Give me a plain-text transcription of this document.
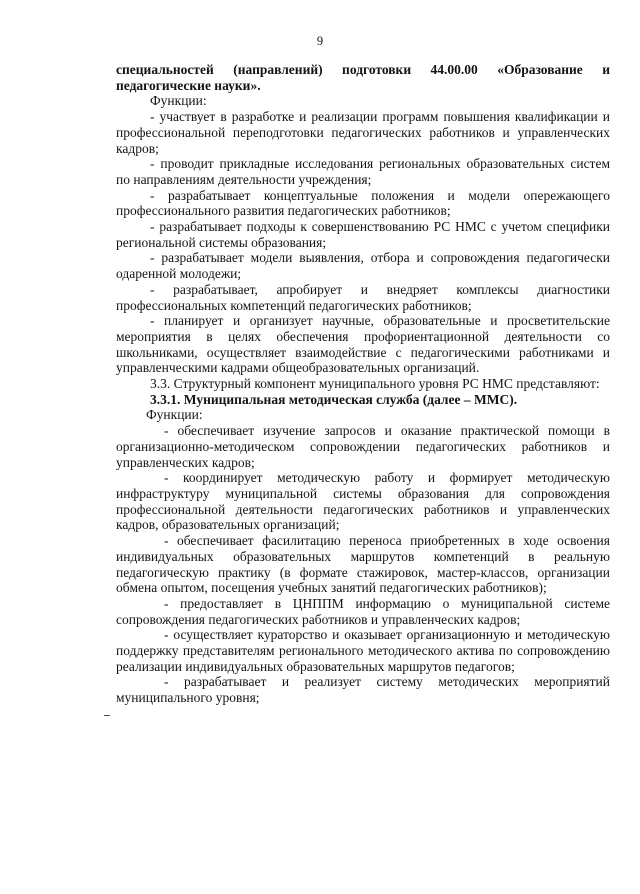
9

специальностей (направлений) подготовки 44.00.00 «Образование и педагогические науки».

Функции:

- участвует в разработке и реализации программ повышения квалификации и профессиональной переподготовки педагогических работников и управленческих кадров;

- проводит прикладные исследования региональных образовательных систем по направлениям деятельности учреждения;

- разрабатывает концептуальные положения и модели опережающего профессионального развития педагогических работников;

- разрабатывает подходы к совершенствованию РС НМС с учетом специфики региональной системы образования;

- разрабатывает модели выявления, отбора и сопровождения педагогически одаренной молодежи;

- разрабатывает, апробирует и внедряет комплексы диагностики профессиональных компетенций педагогических работников;

- планирует и организует научные, образовательные и просветительские мероприятия в целях обеспечения профориентационной деятельности со школьниками, осуществляет взаимодействие с педагогическими работниками и управленческими кадрами общеобразовательных организаций.

3.3. Структурный компонент муниципального уровня РС НМС представляют:

3.3.1. Муниципальная методическая служба (далее – ММС).

Функции:

- обеспечивает изучение запросов и оказание практической помощи в организационно-методическом сопровождении педагогических работников и управленческих кадров;

- координирует методическую работу и формирует методическую инфраструктуру муниципальной системы образования для сопровождения профессиональной деятельности педагогических работников и управленческих кадров, образовательных организаций;

- обеспечивает фасилитацию переноса приобретенных в ходе освоения индивидуальных образовательных маршрутов компетенций в реальную педагогическую практику (в формате стажировок, мастер-классов, организации обмена опытом, посещения учебных занятий педагогических работников);

- предоставляет в ЦНППМ информацию о муниципальной системе сопровождения педагогических работников и управленческих кадров;

- осуществляет кураторство и оказывает организационную и методическую поддержку представителям регионального методического актива по сопровождению реализации индивидуальных образовательных маршрутов педагогов;

- разрабатывает и реализует систему методических мероприятий муниципального уровня;
